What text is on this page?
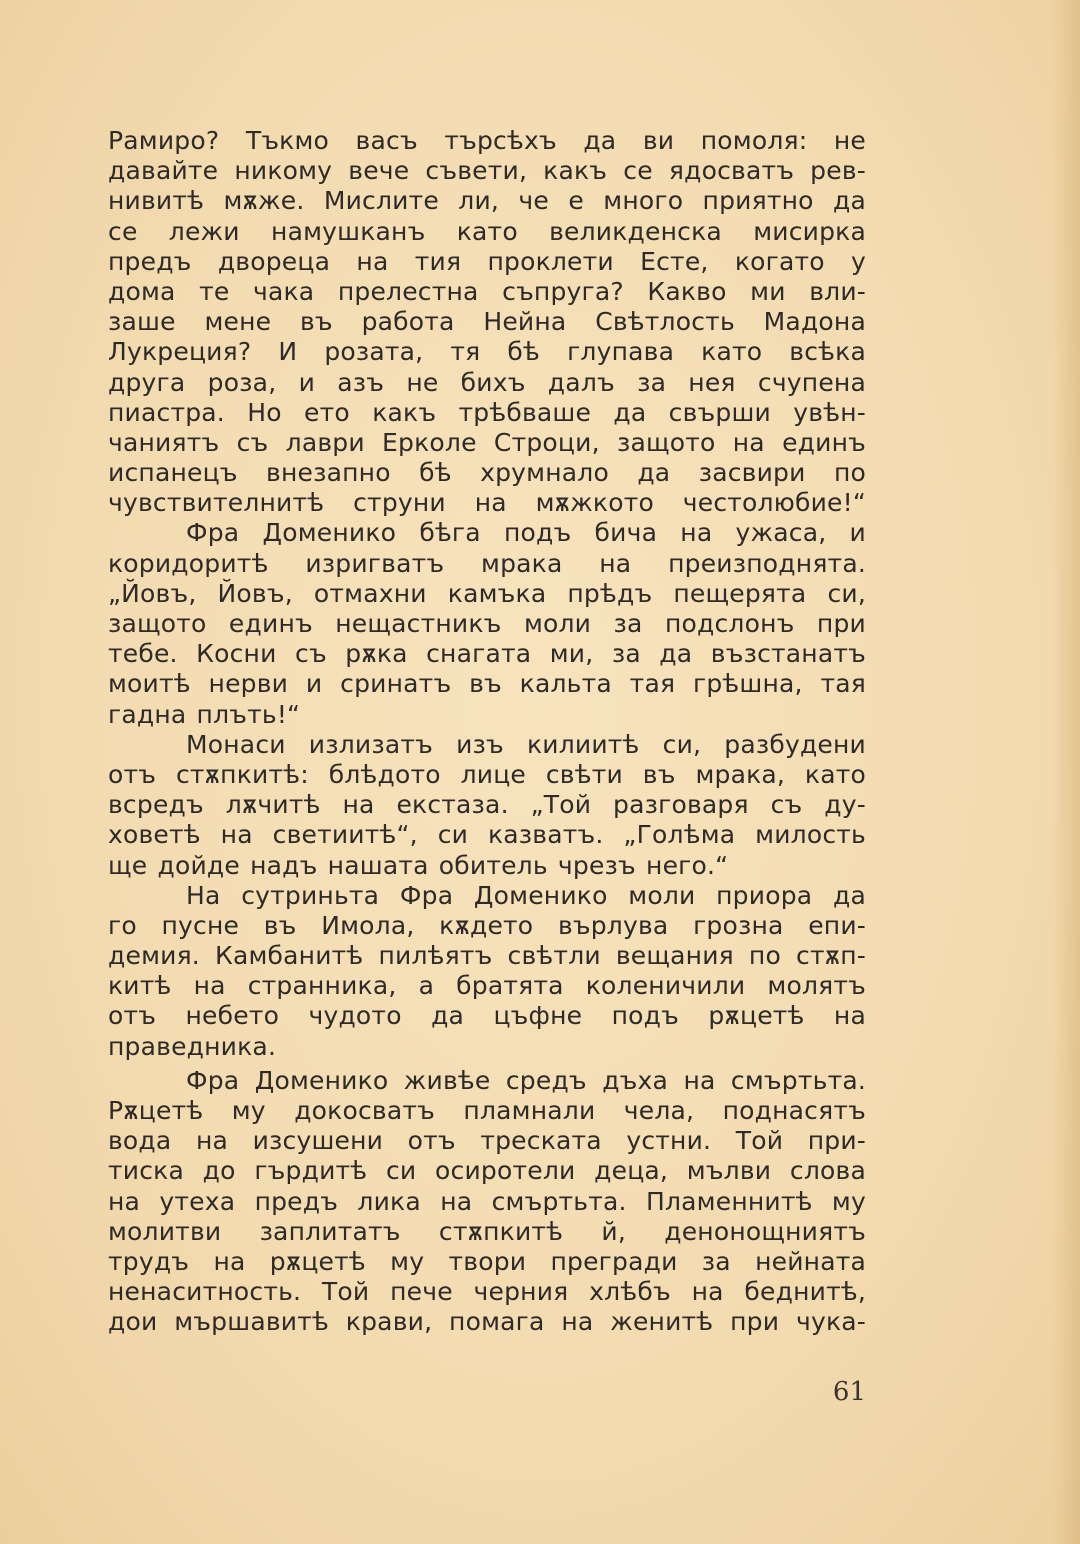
Рамиро? Тъкмо васъ търсѣхъ да ви помоля: не
давайте никому вече съвети, какъ се ядосватъ рев-
нивитѣ мѫже. Мислите ли, че е много приятно да
се лежи намушканъ като великденска мисирка
предъ двореца на тия проклети Есте, когато у
дома те чака прелестна съпруга? Какво ми вли-
заше мене въ работа Нейна Свѣтлость Мадона
Лукреция? И розата, тя бѣ глупава като всѣка
друга роза, и азъ не бихъ далъ за нея счупена
пиастра. Но ето какъ трѣбваше да свърши увѣн-
чаниятъ съ лаври Ерколе Строци, защото на единъ
испанецъ внезапно бѣ хрумнало да засвири по
чувствителнитѣ струни на мѫжкото честолюбие!“
Фра Доменико бѣга подъ бича на ужаса, и
коридоритѣ изригватъ мрака на преизподнята.
„Йовъ, Йовъ, отмахни камъка прѣдъ пещерята си,
защото единъ нещастникъ моли за подслонъ при
тебе. Косни съ рѫка снагата ми, за да възстанатъ
моитѣ нерви и сринатъ въ кальта тая грѣшна, тая
гадна плъть!“
Монаси излизатъ изъ килиитѣ си, разбудени
отъ стѫпкитѣ: блѣдото лице свѣти въ мрака, като
всредъ лѫчитѣ на екстаза. „Той разговаря съ ду-
ховетѣ на светиитѣ“, си казватъ. „Голѣма милость
ще дойде надъ нашата обитель чрезъ него.“
На сутриньта Фра Доменико моли приора да
го пусне въ Имола, кѫдето върлува грозна епи-
демия. Камбанитѣ пилѣятъ свѣтли вещания по стѫп-
китѣ на странника, а братята коленичили молятъ
отъ небето чудото да цъфне подъ рѫцетѣ на
праведника.
Фра Доменико живѣе средъ дъха на смъртьта.
Рѫцетѣ му докосватъ пламнали чела, поднасятъ
вода на изсушени отъ треската устни. Той при-
тиска до гърдитѣ си осиротели деца, мълви слова
на утеха предъ лика на смъртьта. Пламеннитѣ му
молитви заплитатъ стѫпкитѣ й, денонощниятъ
трудъ на рѫцетѣ му твори прегради за нейната
ненаситность. Той пече черния хлѣбъ на беднитѣ,
дои мършавитѣ крави, помага на женитѣ при чука-
61
